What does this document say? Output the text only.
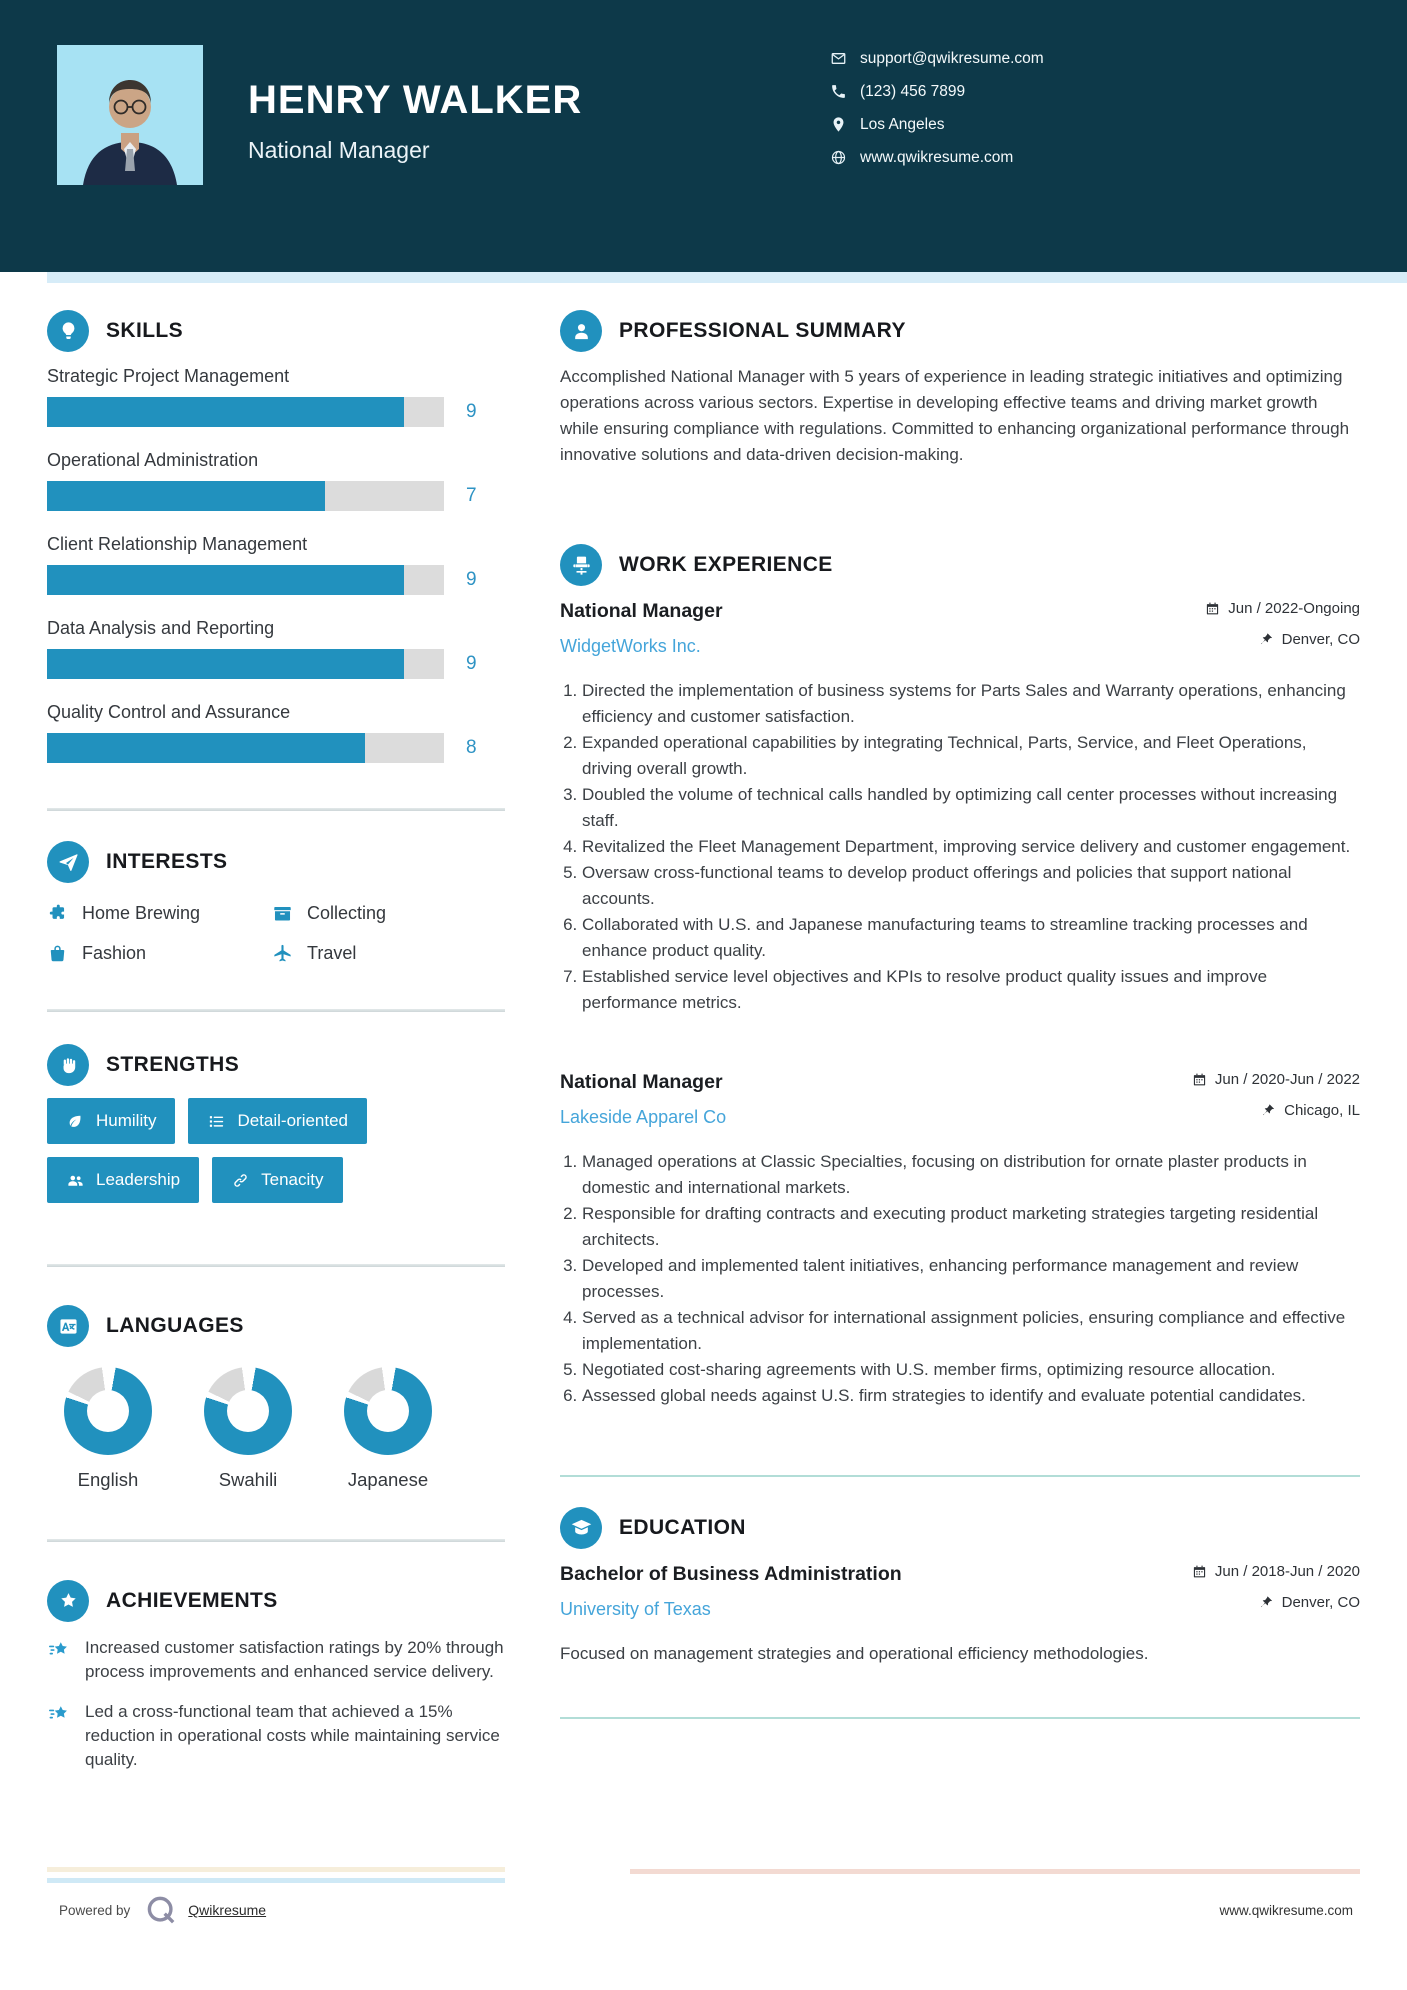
HENRY WALKER
National Manager
support@qwikresume.com
(123) 456 7899
Los Angeles
www.qwikresume.com
SKILLS
Strategic Project Management
9
Operational Administration
7
Client Relationship Management
9
Data Analysis and Reporting
9
Quality Control and Assurance
8
INTERESTS
Home Brewing	Collecting
Fashion	Travel
STRENGTHS
Humility	Detail-oriented
Leadership	Tenacity
LANGUAGES
English	Swahili	Japanese
ACHIEVEMENTS
Increased customer satisfaction ratings by 20% through process improvements and enhanced service delivery.
Led a cross-functional team that achieved a 15% reduction in operational costs while maintaining service quality.
PROFESSIONAL SUMMARY

Accomplished National Manager with 5 years of experience in leading strategic initiatives and optimizing operations across various sectors. Expertise in developing effective teams and driving market growth while ensuring compliance with regulations. Committed to enhancing organizational performance through innovative solutions and data-driven decision-making.

WORK EXPERIENCE
National Manager
WidgetWorks Inc.
Jun / 2022-Ongoing
Denver, CO
1. Directed the implementation of business systems for Parts Sales and Warranty operations, enhancing efficiency and customer satisfaction.
2. Expanded operational capabilities by integrating Technical, Parts, Service, and Fleet Operations, driving overall growth.
3. Doubled the volume of technical calls handled by optimizing call center processes without increasing staff.
4. Revitalized the Fleet Management Department, improving service delivery and customer engagement.
5. Oversaw cross-functional teams to develop product offerings and policies that support national accounts.
6. Collaborated with U.S. and Japanese manufacturing teams to streamline tracking processes and enhance product quality.
7. Established service level objectives and KPIs to resolve product quality issues and improve performance metrics.
National Manager
Lakeside Apparel Co
Jun / 2020-Jun / 2022
Chicago, IL
1. Managed operations at Classic Specialties, focusing on distribution for ornate plaster products in domestic and international markets.
2. Responsible for drafting contracts and executing product marketing strategies targeting residential architects.
3. Developed and implemented talent initiatives, enhancing performance management and review processes.
4. Served as a technical advisor for international assignment policies, ensuring compliance and effective implementation.
5. Negotiated cost-sharing agreements with U.S. member firms, optimizing resource allocation.
6. Assessed global needs against U.S. firm strategies to identify and evaluate potential candidates.
EDUCATION
Bachelor of Business Administration
University of Texas
Jun / 2018-Jun / 2020
Denver, CO

Focused on management strategies and operational efficiency methodologies.

Powered by	Qwikresume	www.qwikresume.com
